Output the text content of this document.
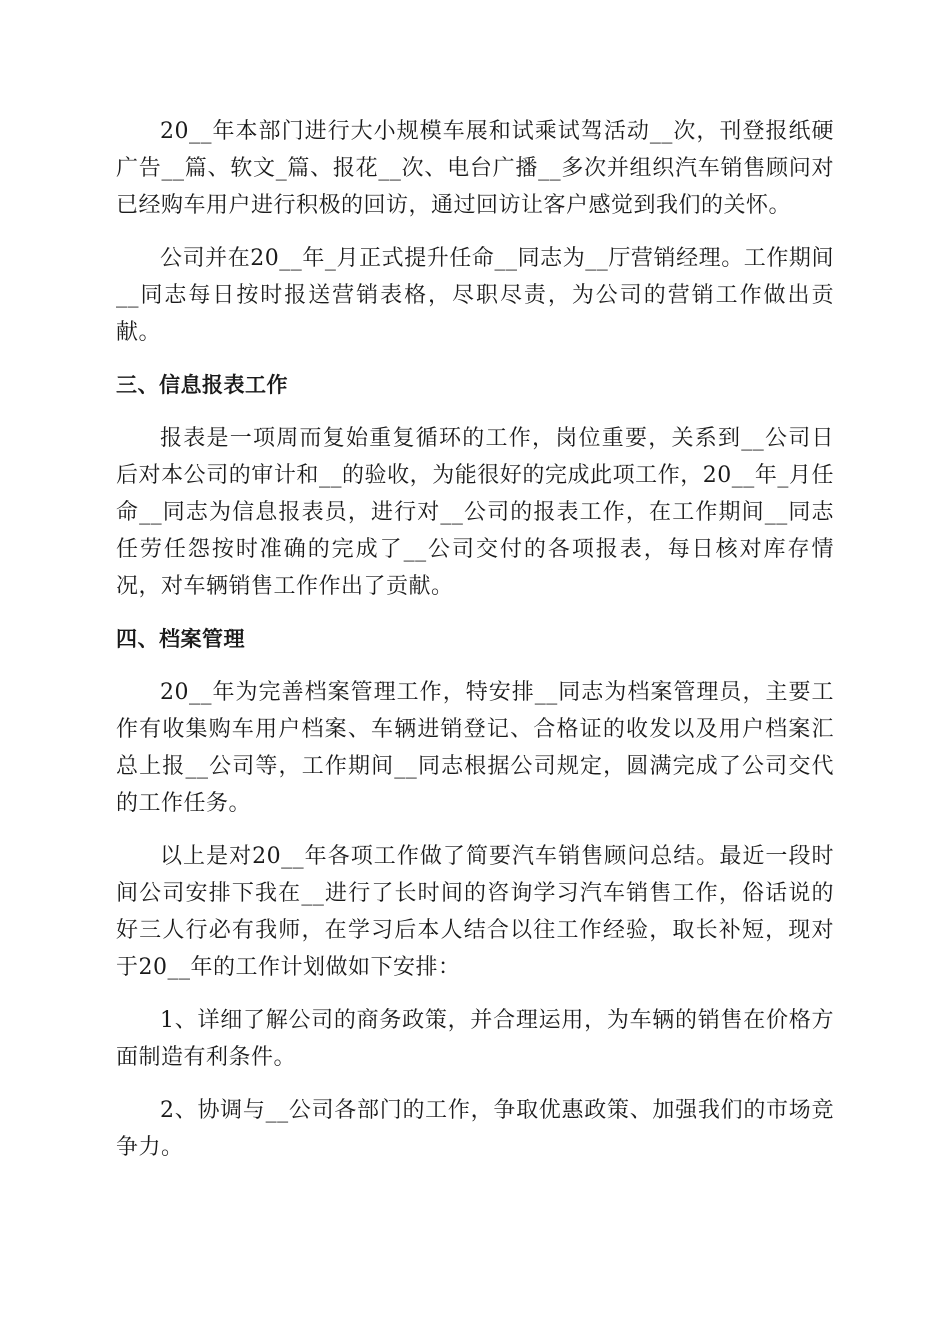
20__年本部门进行大小规模车展和试乘试驾活动__次，刊登报纸硬广告__篇、软文_篇、报花__次、电台广播__多次并组织汽车销售顾问对已经购车用户进行积极的回访，通过回访让客户感觉到我们的关怀。

公司并在20__年_月正式提升任命__同志为__厅营销经理。工作期间__同志每日按时报送营销表格，尽职尽责，为公司的营销工作做出贡献。

三、信息报表工作

报表是一项周而复始重复循环的工作，岗位重要，关系到__公司日后对本公司的审计和__的验收，为能很好的完成此项工作，20__年_月任命__同志为信息报表员，进行对__公司的报表工作，在工作期间__同志任劳任怨按时准确的完成了__公司交付的各项报表，每日核对库存情况，对车辆销售工作作出了贡献。

四、档案管理

20__年为完善档案管理工作，特安排__同志为档案管理员，主要工作有收集购车用户档案、车辆进销登记、合格证的收发以及用户档案汇总上报__公司等，工作期间__同志根据公司规定，圆满完成了公司交代的工作任务。

以上是对20__年各项工作做了简要汽车销售顾问总结。最近一段时间公司安排下我在__进行了长时间的咨询学习汽车销售工作，俗话说的好三人行必有我师，在学习后本人结合以往工作经验，取长补短，现对于20__年的工作计划做如下安排：

1、详细了解公司的商务政策，并合理运用，为车辆的销售在价格方面制造有利条件。

2、协调与__公司各部门的工作，争取优惠政策、加强我们的市场竞争力。
